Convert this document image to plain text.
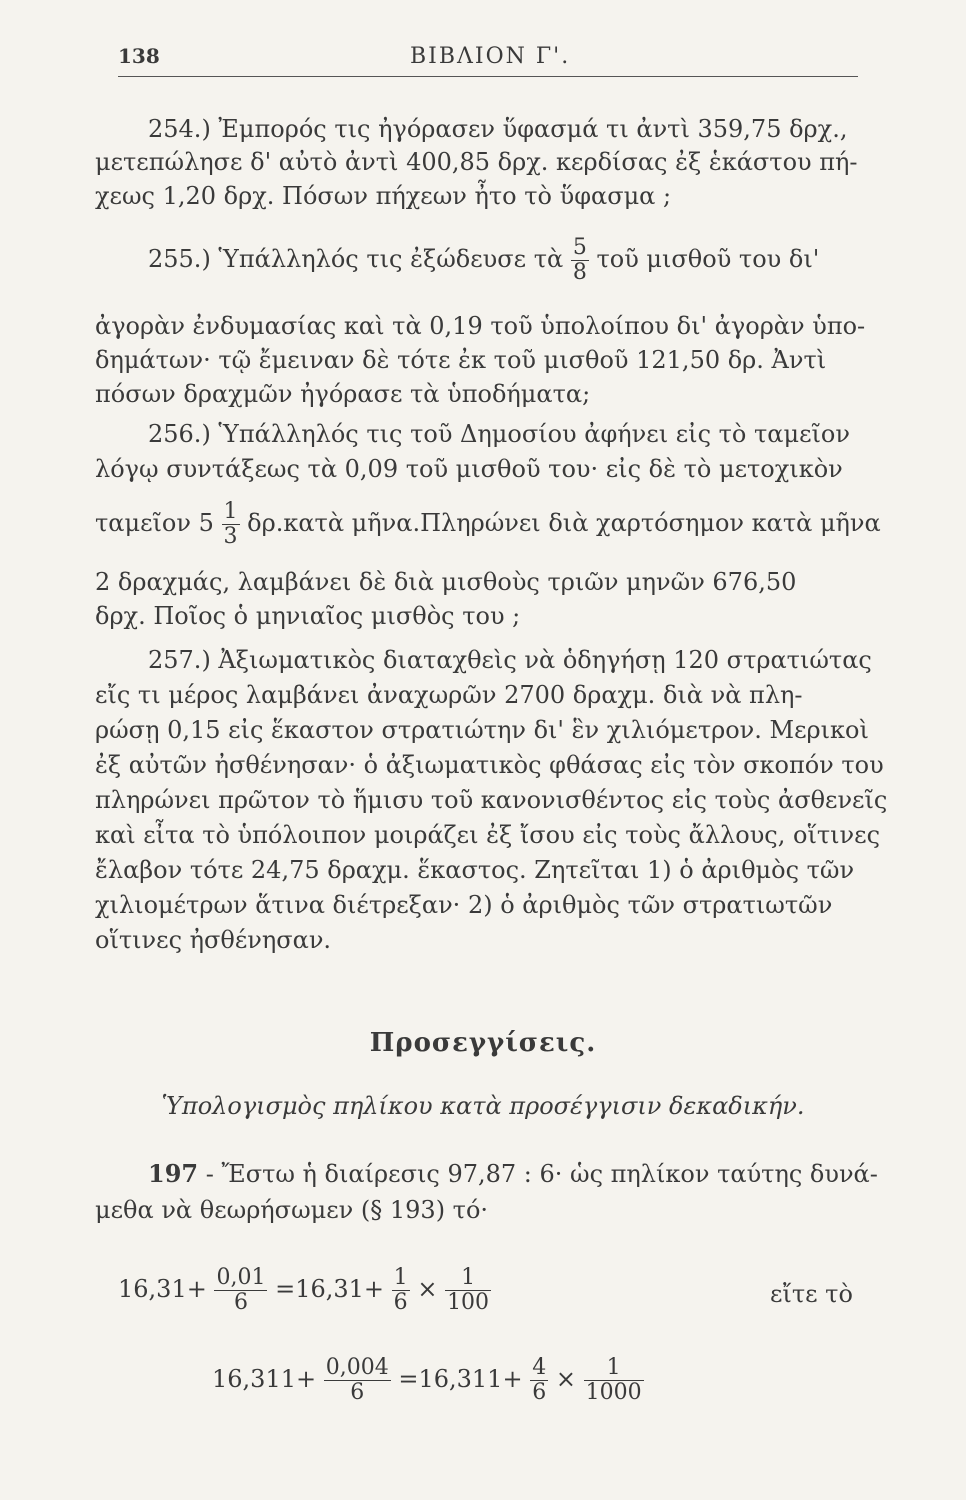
138	ΒΙΒΛΙΟΝ Γ'.
254.) Ἐμπορός τις ἠγόρασεν ὕφασμά τι ἀντὶ 359,75 δρχ.,
μετεπώλησε δ' αὐτὸ ἀντὶ 400,85 δρχ. κερδίσας ἐξ ἑκάστου πή-
χεως 1,20 δρχ. Πόσων πήχεων ἦτο τὸ ὕφασμα ;
255.) Ὑπάλληλός τις ἐξώδευσε τὰ $\frac{5}{8}$ τοῦ μισθοῦ του δι'
ἀγορὰν ἐνδυμασίας καὶ τὰ 0,19 τοῦ ὑπολοίπου δι' ἀγορὰν ὑπο-
δημάτων· τῷ ἔμειναν δὲ τότε ἐκ τοῦ μισθοῦ 121,50 δρ. Ἀντὶ
πόσων δραχμῶν ἠγόρασε τὰ ὑποδήματα;
256.) Ὑπάλληλός τις τοῦ Δημοσίου ἀφήνει εἰς τὸ ταμεῖον
λόγῳ συντάξεως τὰ 0,09 τοῦ μισθοῦ του· εἰς δὲ τὸ μετοχικὸν
ταμεῖον $5 \frac{1}{3}$ δρ.κατὰ μῆνα.Πληρώνει διὰ χαρτόσημον κατὰ μῆνα
2 δραχμάς, λαμβάνει δὲ διὰ μισθοὺς τριῶν μηνῶν 676,50
δρχ. Ποῖος ὁ μηνιαῖος μισθὸς του ;
257.) Ἀξιωματικὸς διαταχθεὶς νὰ ὁδηγήσῃ 120 στρατιώτας
εἴς τι μέρος λαμβάνει ἀναχωρῶν 2700 δραχμ. διὰ νὰ πλη-
ρώσῃ 0,15 εἰς ἕκαστον στρατιώτην δι' ἓν χιλιόμετρον. Μερικοὶ
ἐξ αὐτῶν ἠσθένησαν· ὁ ἀξιωματικὸς φθάσας εἰς τὸν σκοπόν του
πληρώνει πρῶτον τὸ ἥμισυ τοῦ κανονισθέντος εἰς τοὺς ἀσθενεῖς
καὶ εἶτα τὸ ὑπόλοιπον μοιράζει ἐξ ἴσου εἰς τοὺς ἄλλους, οἵτινες
ἔλαβον τότε 24,75 δραχμ. ἕκαστος. Ζητεῖται 1) ὁ ἀριθμὸς τῶν
χιλιομέτρων ἅτινα διέτρεξαν· 2) ὁ ἀριθμὸς τῶν στρατιωτῶν
οἵτινες ἠσθένησαν.
Προσεγγίσεις.
Ὑπολογισμὸς πηλίκου κατὰ προσέγγισιν δεκαδικήν.
197 - Ἔστω ἡ διαίρεσις 97,87 : 6· ὡς πηλίκον ταύτης δυνά-
μεθα νὰ θεωρήσωμεν (§ 193) τό·
$16,31+ \frac{0,01}{6} =16,31+ \frac{1}{6} \times \frac{1}{100}$	εἴτε τὸ
$16,311+ \frac{0,004}{6} =16,311+ \frac{4}{6} \times \frac{1}{1000}$
